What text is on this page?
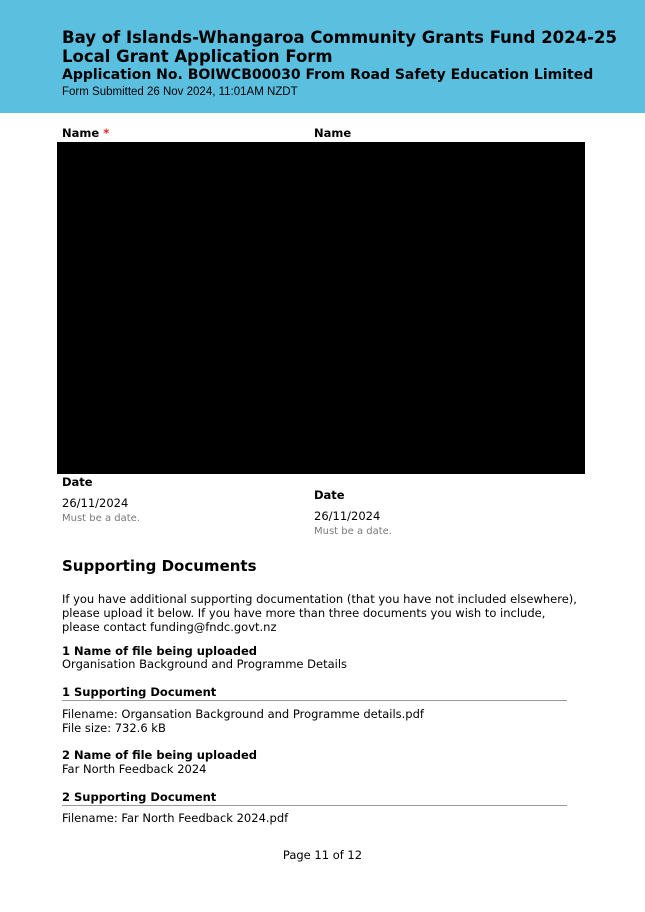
Bay of Islands-Whangaroa Community Grants Fund 2024-25
Local Grant Application Form
Application No. BOIWCB00030 From Road Safety Education Limited
Form Submitted 26 Nov 2024, 11:01AM NZDT
Name *	Name
Date
26/11/2024
Must be a date.
Date
26/11/2024
Must be a date.
Supporting Documents
If you have additional supporting documentation (that you have not included elsewhere), please upload it below. If you have more than three documents you wish to include, please contact funding@fndc.govt.nz
1 Name of file being uploaded
Organisation Background and Programme Details
1 Supporting Document
Filename: Organsation Background and Programme details.pdf
File size: 732.6 kB
2 Name of file being uploaded
Far North Feedback 2024
2 Supporting Document
Filename: Far North Feedback 2024.pdf
Page 11 of 12
